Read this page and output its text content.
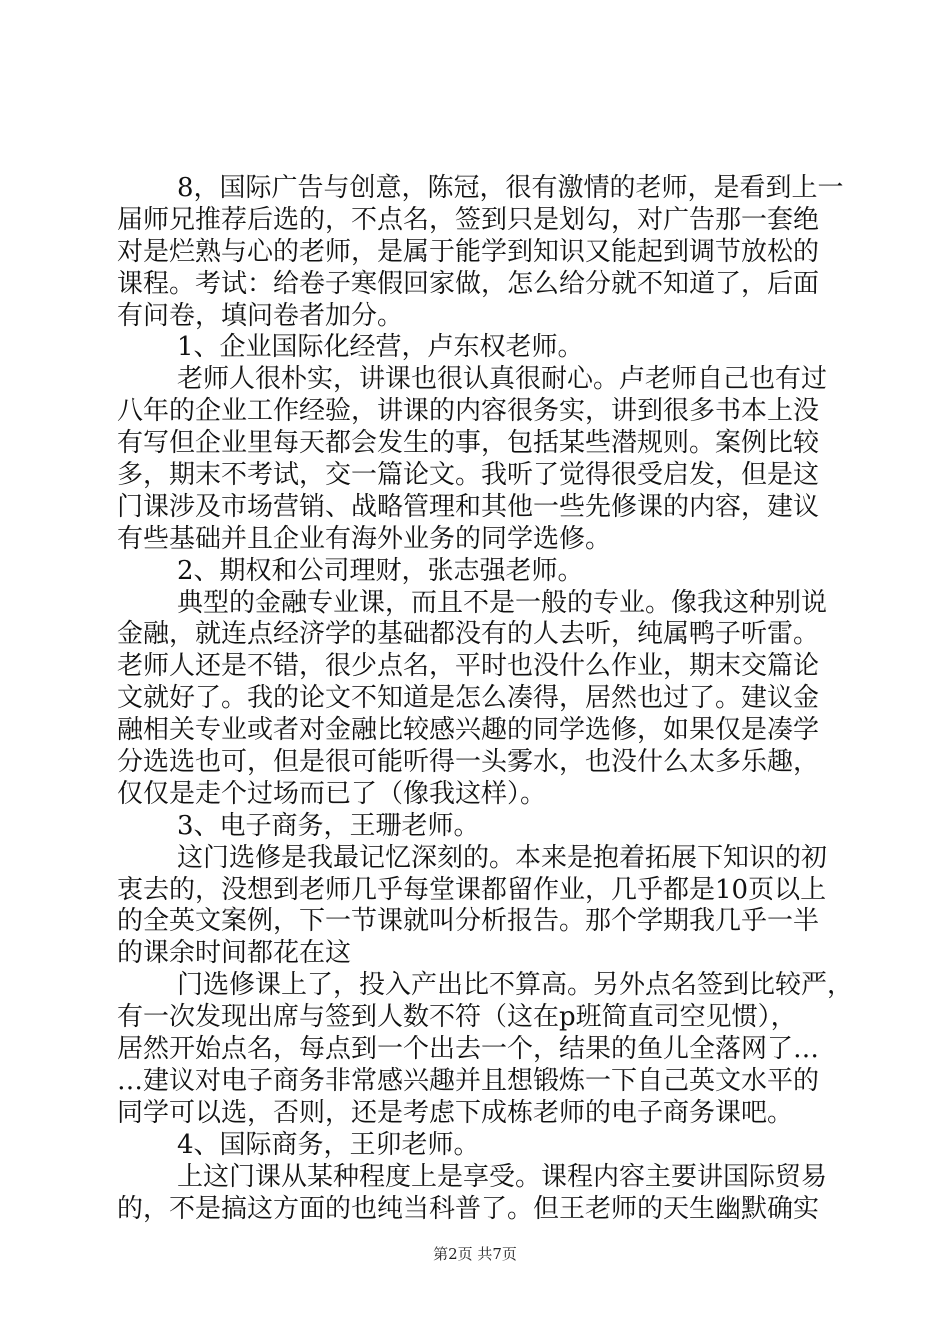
8，国际广告与创意，陈冠，很有激情的老师，是看到上一
届师兄推荐后选的，不点名，签到只是划勾，对广告那一套绝
对是烂熟与心的老师，是属于能学到知识又能起到调节放松的
课程。考试：给卷子寒假回家做，怎么给分就不知道了，后面
有问卷，填问卷者加分。
1、企业国际化经营，卢东权老师。
老师人很朴实，讲课也很认真很耐心。卢老师自己也有过
八年的企业工作经验，讲课的内容很务实，讲到很多书本上没
有写但企业里每天都会发生的事，包括某些潜规则。案例比较
多，期末不考试，交一篇论文。我听了觉得很受启发，但是这
门课涉及市场营销、战略管理和其他一些先修课的内容，建议
有些基础并且企业有海外业务的同学选修。
2、期权和公司理财，张志强老师。
典型的金融专业课，而且不是一般的专业。像我这种别说
金融，就连点经济学的基础都没有的人去听，纯属鸭子听雷。
老师人还是不错，很少点名，平时也没什么作业，期末交篇论
文就好了。我的论文不知道是怎么凑得，居然也过了。建议金
融相关专业或者对金融比较感兴趣的同学选修，如果仅是凑学
分选选也可，但是很可能听得一头雾水，也没什么太多乐趣，
仅仅是走个过场而已了（像我这样）。
3、电子商务，王珊老师。
这门选修是我最记忆深刻的。本来是抱着拓展下知识的初
衷去的，没想到老师几乎每堂课都留作业，几乎都是10页以上
的全英文案例，下一节课就叫分析报告。那个学期我几乎一半
的课余时间都花在这
门选修课上了，投入产出比不算高。另外点名签到比较严，
有一次发现出席与签到人数不符（这在p班简直司空见惯），
居然开始点名，每点到一个出去一个，结果的鱼儿全落网了…
…建议对电子商务非常感兴趣并且想锻炼一下自己英文水平的
同学可以选，否则，还是考虑下成栋老师的电子商务课吧。
4、国际商务，王卯老师。
上这门课从某种程度上是享受。课程内容主要讲国际贸易
的，不是搞这方面的也纯当科普了。但王老师的天生幽默确实
第2页 共7页
